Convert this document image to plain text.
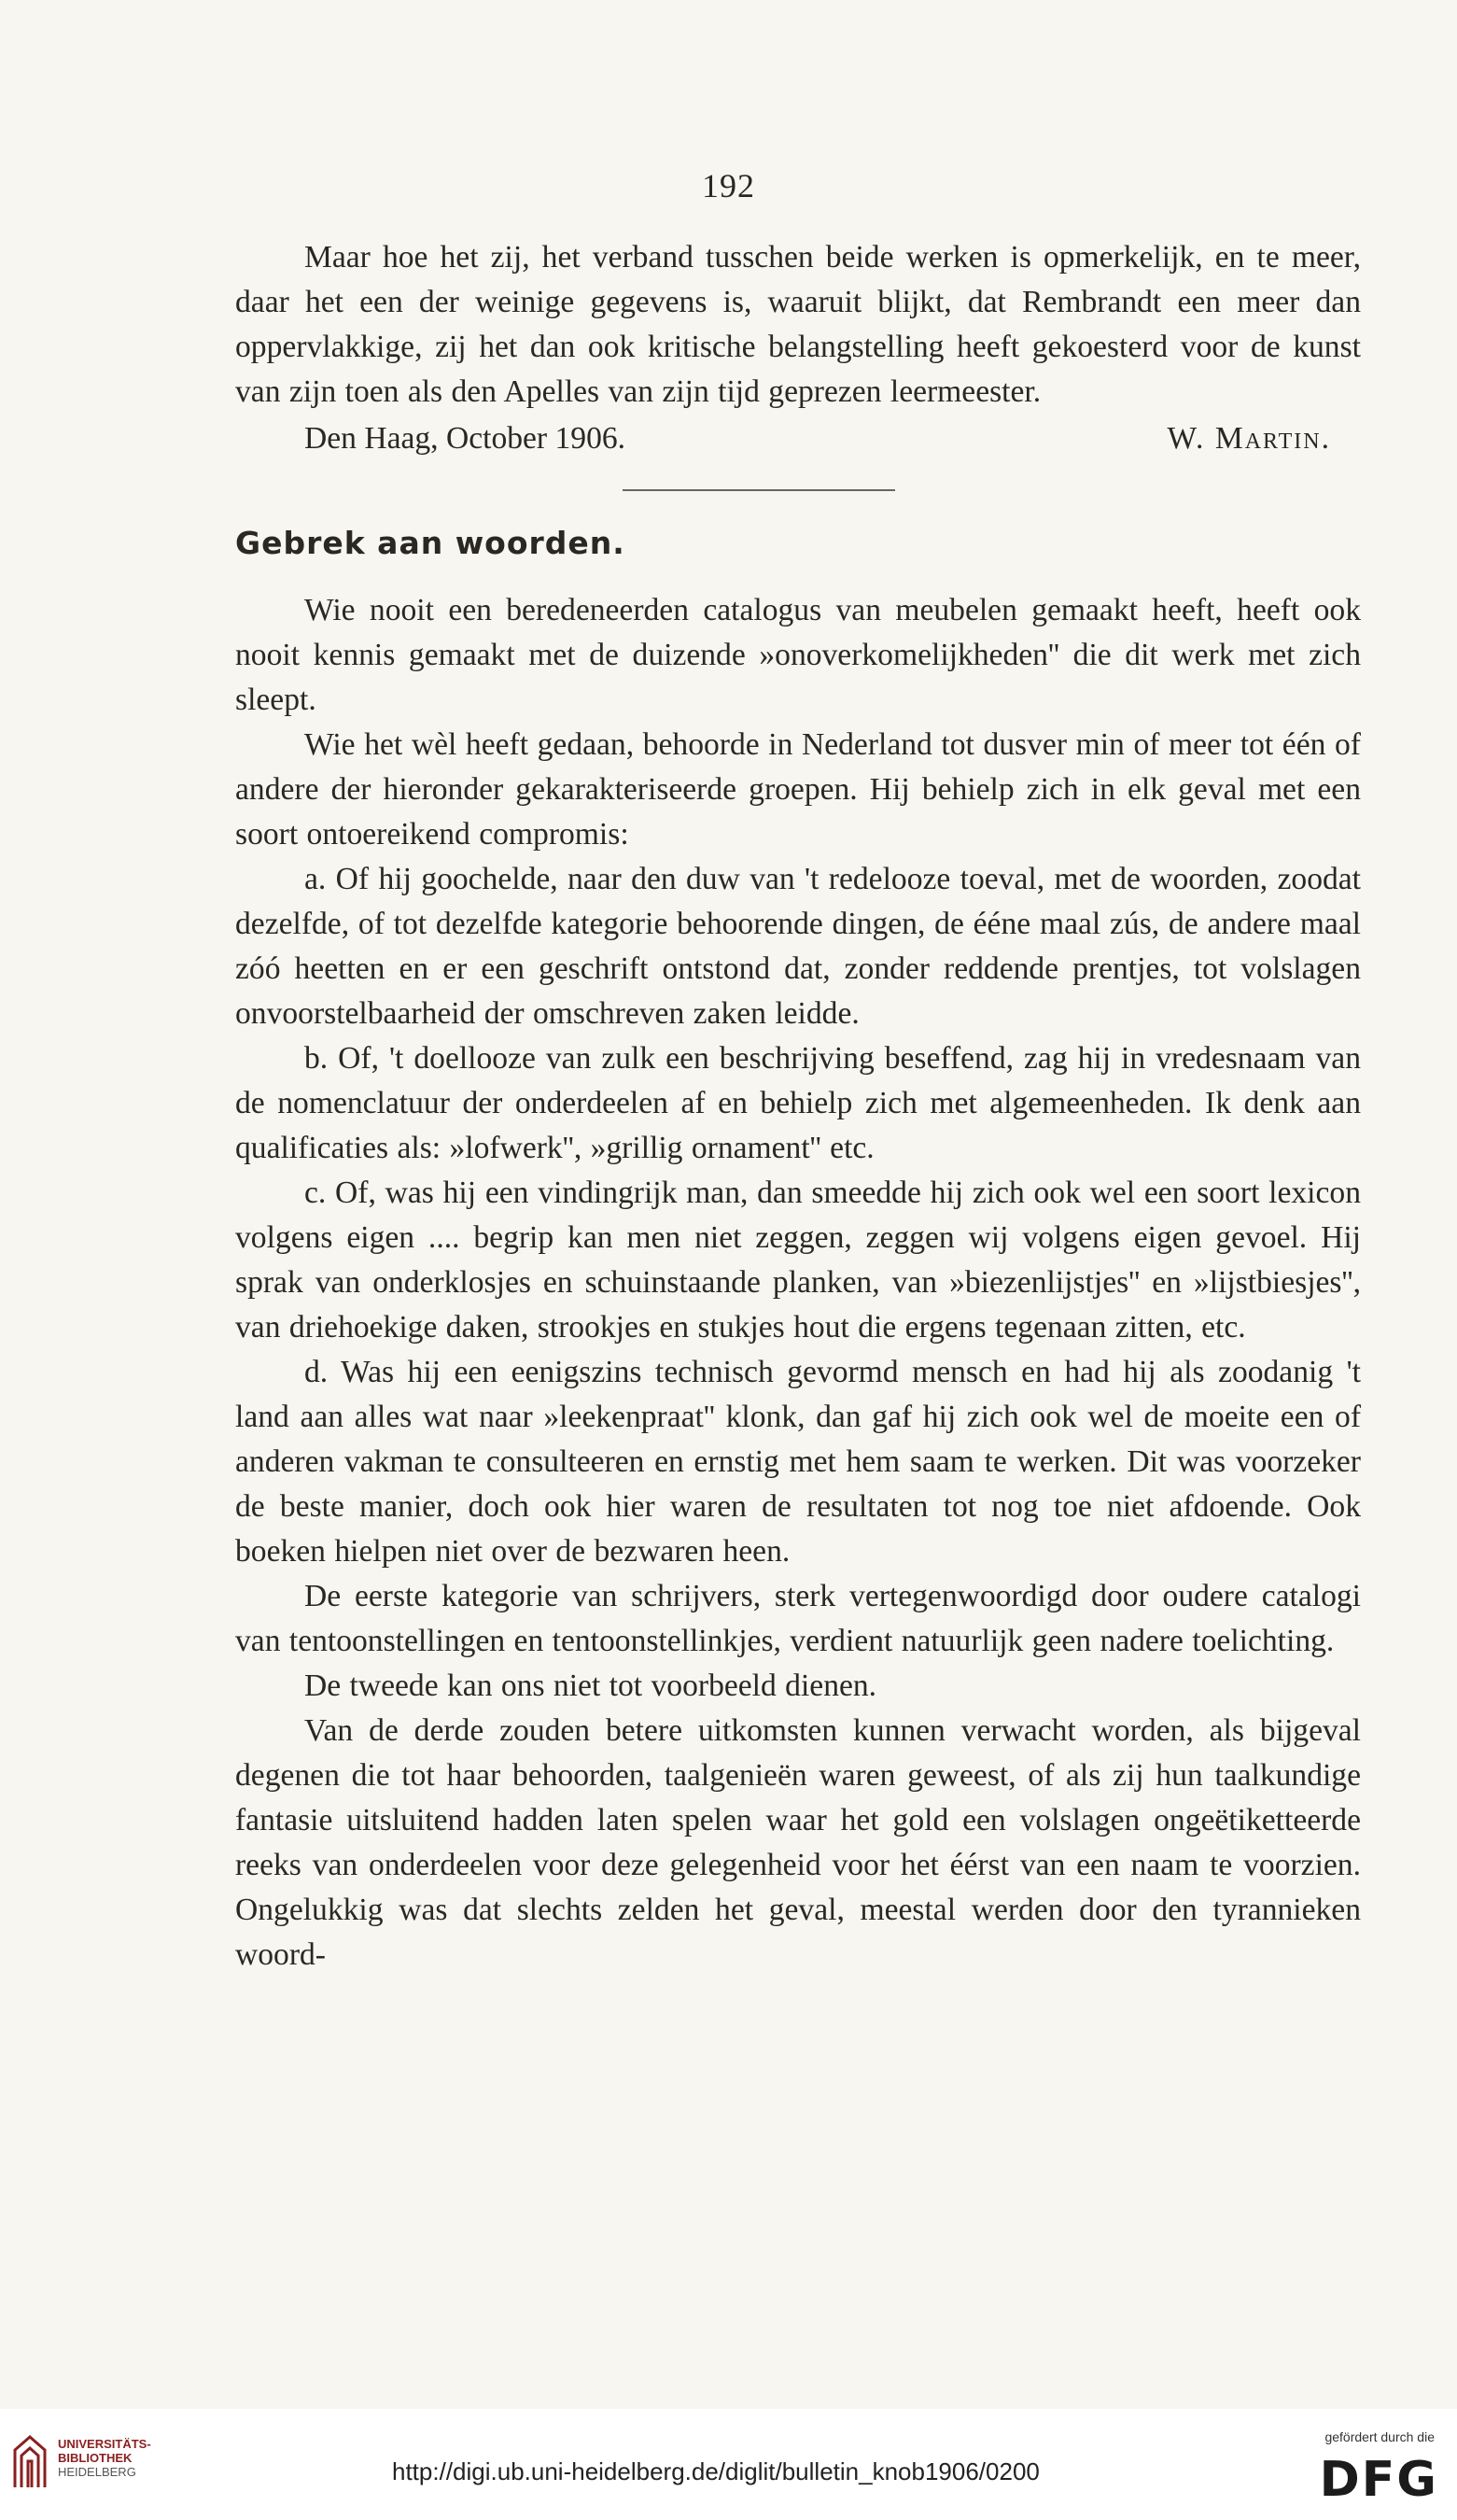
192

Maar hoe het zij, het verband tusschen beide werken is opmerkelijk, en te meer, daar het een der weinige gegevens is, waaruit blijkt, dat Rembrandt een meer dan oppervlakkige, zij het dan ook kritische belangstelling heeft gekoesterd voor de kunst van zijn toen als den Apelles van zijn tijd geprezen leermeester.

Den Haag, October 1906.	W. Martin.
Gebrek aan woorden.

Wie nooit een beredeneerden catalogus van meubelen gemaakt heeft, heeft ook nooit kennis gemaakt met de duizende »onoverkomelijkheden'' die dit werk met zich sleept.

Wie het wèl heeft gedaan, behoorde in Nederland tot dusver min of meer tot één of andere der hieronder gekarakteriseerde groepen. Hij behielp zich in elk geval met een soort ontoereikend compromis:

a. Of hij goochelde, naar den duw van 't redelooze toeval, met de woorden, zoodat dezelfde, of tot dezelfde kategorie behoorende dingen, de ééne maal zús, de andere maal zóó heetten en er een geschrift ontstond dat, zonder reddende prentjes, tot volslagen onvoorstelbaarheid der omschreven zaken leidde.

b. Of, 't doellooze van zulk een beschrijving beseffend, zag hij in vredesnaam van de nomenclatuur der onderdeelen af en behielp zich met algemeenheden. Ik denk aan qualificaties als: »lofwerk'', »grillig ornament'' etc.

c. Of, was hij een vindingrijk man, dan smeedde hij zich ook wel een soort lexicon volgens eigen .... begrip kan men niet zeggen, zeggen wij volgens eigen gevoel. Hij sprak van onderklosjes en schuinstaande planken, van »biezenlijstjes'' en »lijstbiesjes'', van driehoekige daken, strookjes en stukjes hout die ergens tegenaan zitten, etc.

d. Was hij een eenigszins technisch gevormd mensch en had hij als zoodanig 't land aan alles wat naar »leekenpraat'' klonk, dan gaf hij zich ook wel de moeite een of anderen vakman te consulteeren en ernstig met hem saam te werken. Dit was voorzeker de beste manier, doch ook hier waren de resultaten tot nog toe niet afdoende. Ook boeken hielpen niet over de bezwaren heen.

De eerste kategorie van schrijvers, sterk vertegenwoordigd door oudere catalogi van tentoonstellingen en tentoonstellinkjes, verdient natuurlijk geen nadere toelichting.

De tweede kan ons niet tot voorbeeld dienen.

Van de derde zouden betere uitkomsten kunnen verwacht worden, als bijgeval degenen die tot haar behoorden, taalgenieën waren geweest, of als zij hun taalkundige fantasie uitsluitend hadden laten spelen waar het gold een volslagen ongeëtiketteerde reeks van onderdeelen voor deze gelegenheid voor het éérst van een naam te voorzien. Ongelukkig was dat slechts zelden het geval, meestal werden door den tyrannieken woord-

UNIVERSITÄTS-
BIBLIOTHEK
HEIDELBERG	http://digi.ub.uni-heidelberg.de/diglit/bulletin_knob1906/0200
gefördert durch die
DFG
